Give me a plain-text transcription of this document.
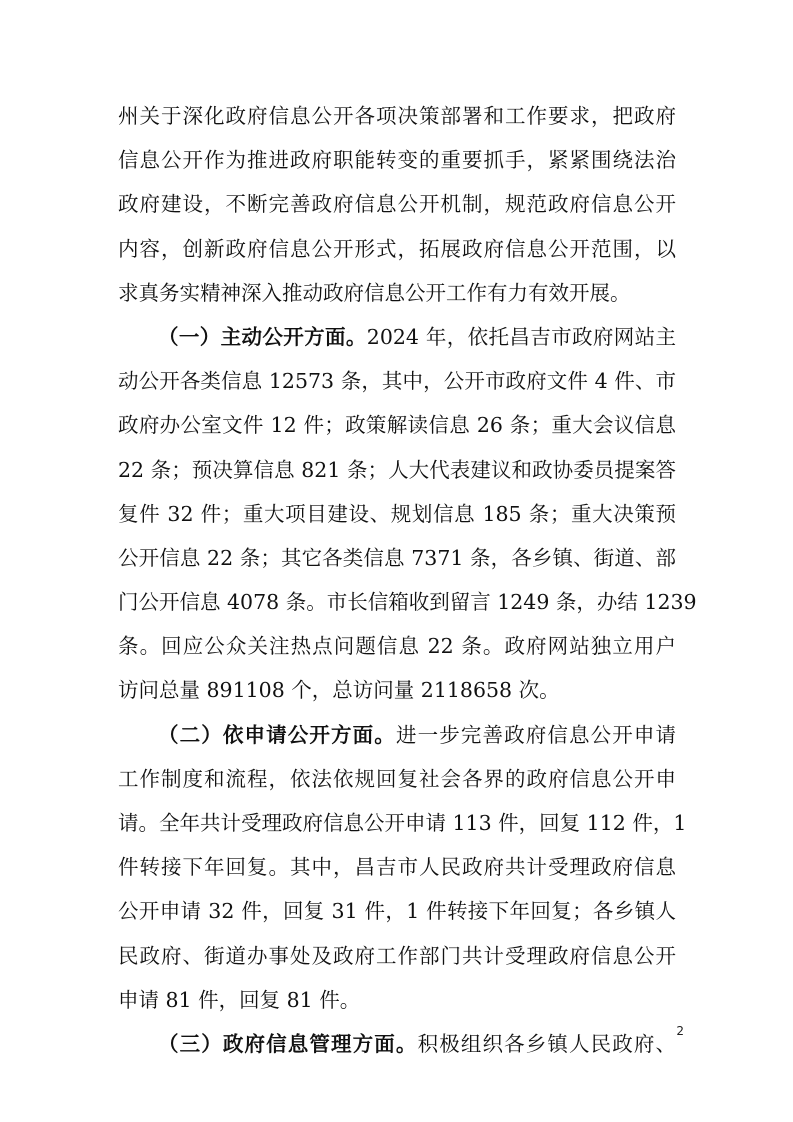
州关于深化政府信息公开各项决策部署和工作要求，把政府
信息公开作为推进政府职能转变的重要抓手，紧紧围绕法治
政府建设，不断完善政府信息公开机制，规范政府信息公开
内容，创新政府信息公开形式，拓展政府信息公开范围，以
求真务实精神深入推动政府信息公开工作有力有效开展。
（一）主动公开方面。2024 年，依托昌吉市政府网站主
动公开各类信息 12573 条，其中，公开市政府文件 4 件、市
政府办公室文件 12 件；政策解读信息 26 条；重大会议信息
22 条；预决算信息 821 条；人大代表建议和政协委员提案答
复件 32 件；重大项目建设、规划信息 185 条；重大决策预
公开信息 22 条；其它各类信息 7371 条，各乡镇、街道、部
门公开信息 4078 条。市长信箱收到留言 1249 条，办结 1239
条。回应公众关注热点问题信息 22 条。政府网站独立用户
访问总量 891108 个，总访问量 2118658 次。
（二）依申请公开方面。进一步完善政府信息公开申请
工作制度和流程，依法依规回复社会各界的政府信息公开申
请。全年共计受理政府信息公开申请 113 件，回复 112 件，1
件转接下年回复。其中，昌吉市人民政府共计受理政府信息
公开申请 32 件，回复 31 件，1 件转接下年回复；各乡镇人
民政府、街道办事处及政府工作部门共计受理政府信息公开
申请 81 件，回复 81 件。
（三）政府信息管理方面。积极组织各乡镇人民政府、
2
